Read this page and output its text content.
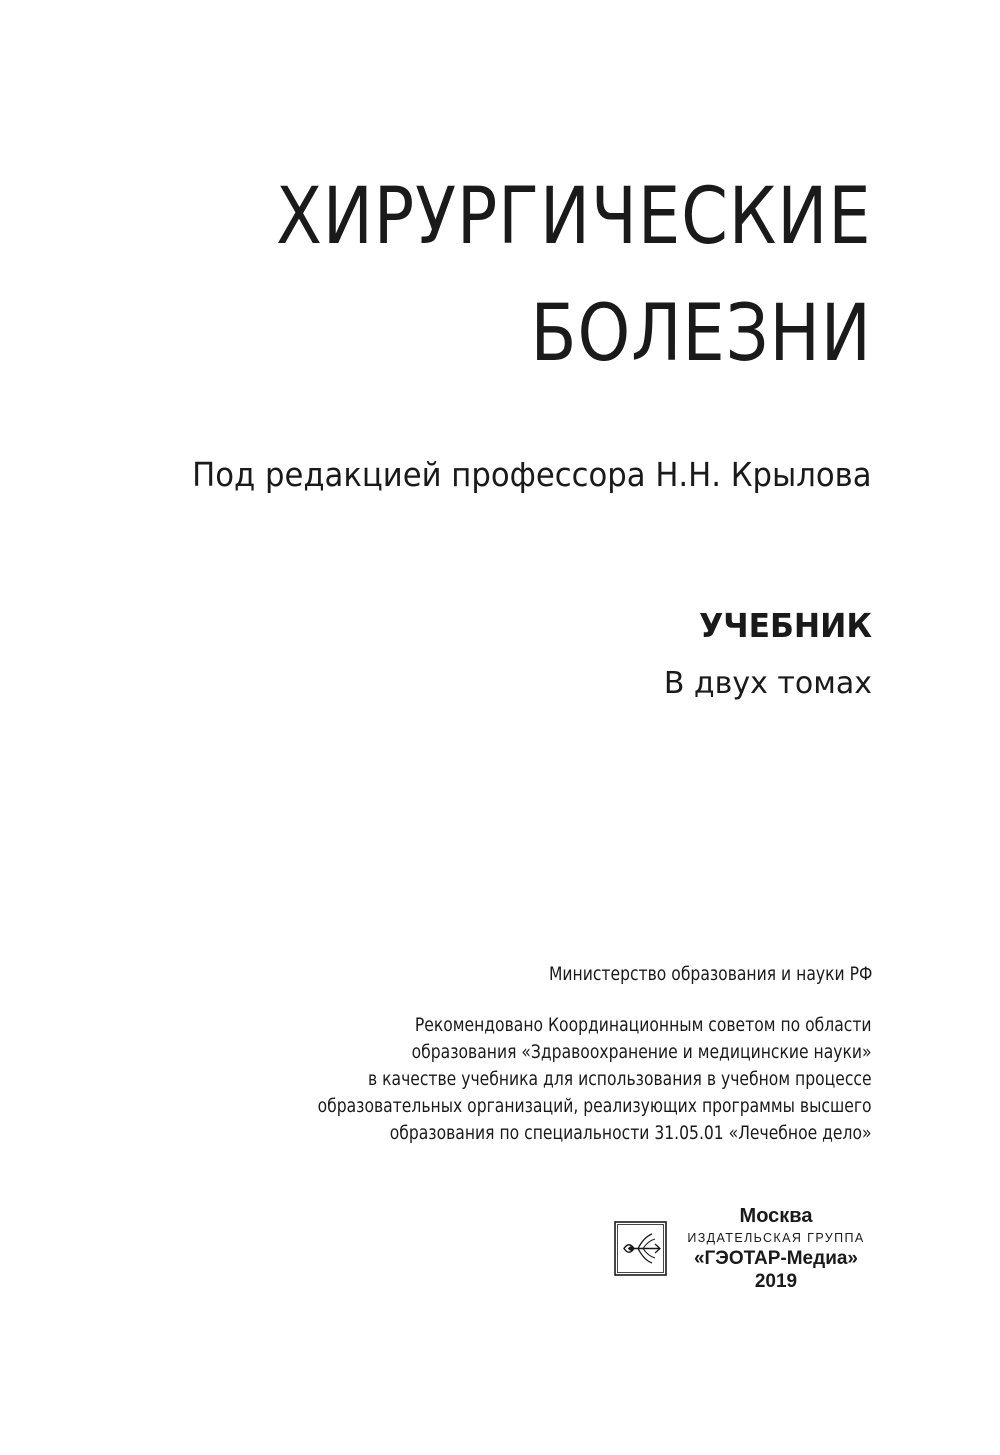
ХИРУРГИЧЕСКИЕ
БОЛЕЗНИ
Под редакцией профессора Н.Н. Крылова
УЧЕБНИК
В двух томах
Министерство образования и науки РФ
Рекомендовано Координационным советом по области
образования «Здравоохранение и медицинские науки»
в качестве учебника для использования в учебном процессе
образовательных организаций, реализующих программы высшего
образования по специальности 31.05.01 «Лечебное дело»
Москва
ИЗДАТЕЛЬСКАЯ ГРУППА
«ГЭОТАР-Медиа»
2019
